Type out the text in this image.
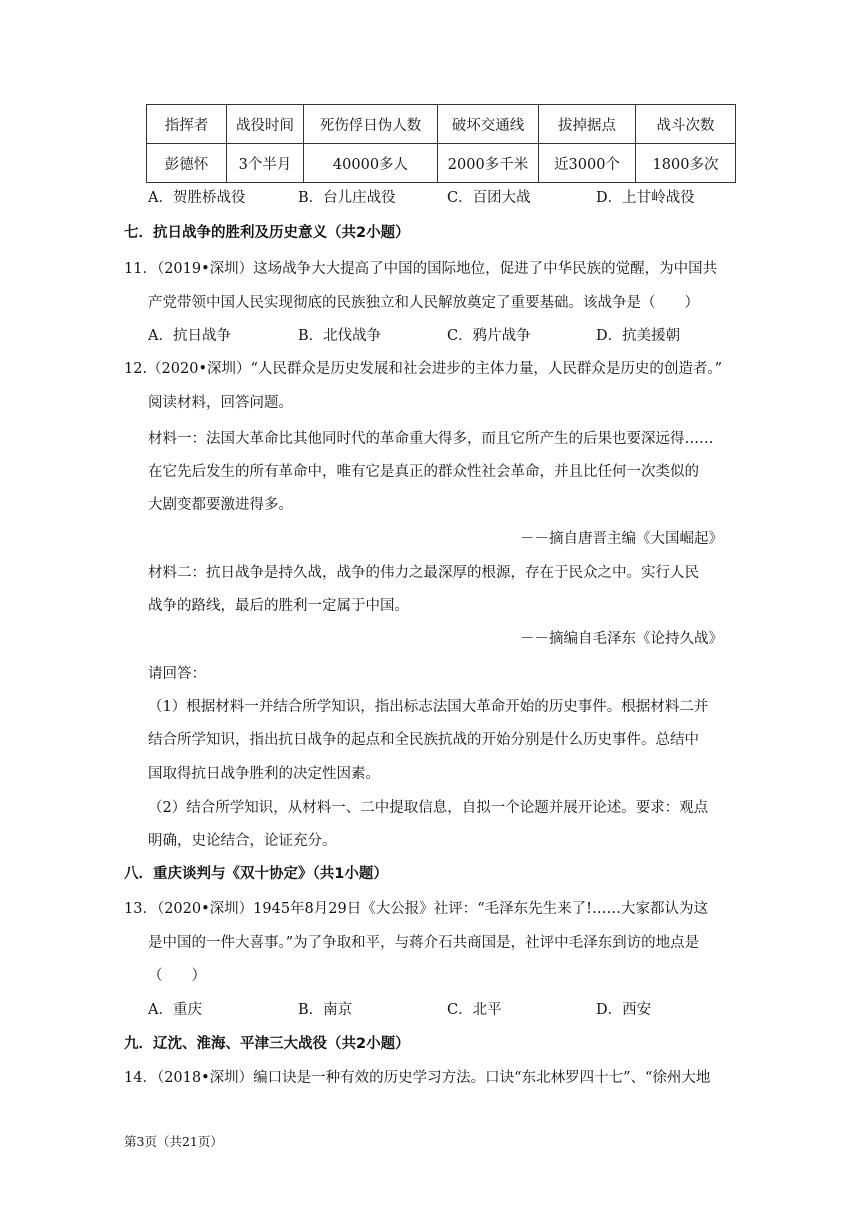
指挥者	战役时间	死伤俘日伪人数	破坏交通线	拔掉据点	战斗次数
彭德怀	3个半月	40000多人	2000多千米	近3000个	1800多次
A．贺胜桥战役	B．台儿庄战役	C．百团大战	D．上甘岭战役
七．抗日战争的胜利及历史意义（共2小题）
11．（2019•深圳）这场战争大大提高了中国的国际地位，促进了中华民族的觉醒，为中国共
产党带领中国人民实现彻底的民族独立和人民解放奠定了重要基础。该战争是（　　）
A．抗日战争	B．北伐战争	C．鸦片战争	D．抗美援朝
12.（2020•深圳）“人民群众是历史发展和社会进步的主体力量，人民群众是历史的创造者。”
阅读材料，回答问题。
材料一：法国大革命比其他同时代的革命重大得多，而且它所产生的后果也要深远得……
在它先后发生的所有革命中，唯有它是真正的群众性社会革命，并且比任何一次类似的
大剧变都要激进得多。
－－摘自唐晋主编《大国崛起》
材料二：抗日战争是持久战，战争的伟力之最深厚的根源，存在于民众之中。实行人民
战争的路线，最后的胜利一定属于中国。
－－摘编自毛泽东《论持久战》
请回答：
（1）根据材料一并结合所学知识，指出标志法国大革命开始的历史事件。根据材料二并
结合所学知识，指出抗日战争的起点和全民族抗战的开始分别是什么历史事件。总结中
国取得抗日战争胜利的决定性因素。
（2）结合所学知识，从材料一、二中提取信息，自拟一个论题并展开论述。要求：观点
明确，史论结合，论证充分。
八．重庆谈判与《双十协定》（共1小题）
13．（2020•深圳）1945年8月29日《大公报》社评：“毛泽东先生来了!……大家都认为这
是中国的一件大喜事。”为了争取和平，与蒋介石共商国是，社评中毛泽东到访的地点是
（　　）
A．重庆	B．南京	C．北平	D．西安
九．辽沈、淮海、平津三大战役（共2小题）
14．（2018•深圳）编口诀是一种有效的历史学习方法。口诀“东北林罗四十七”、“徐州大地
第3页（共21页）
